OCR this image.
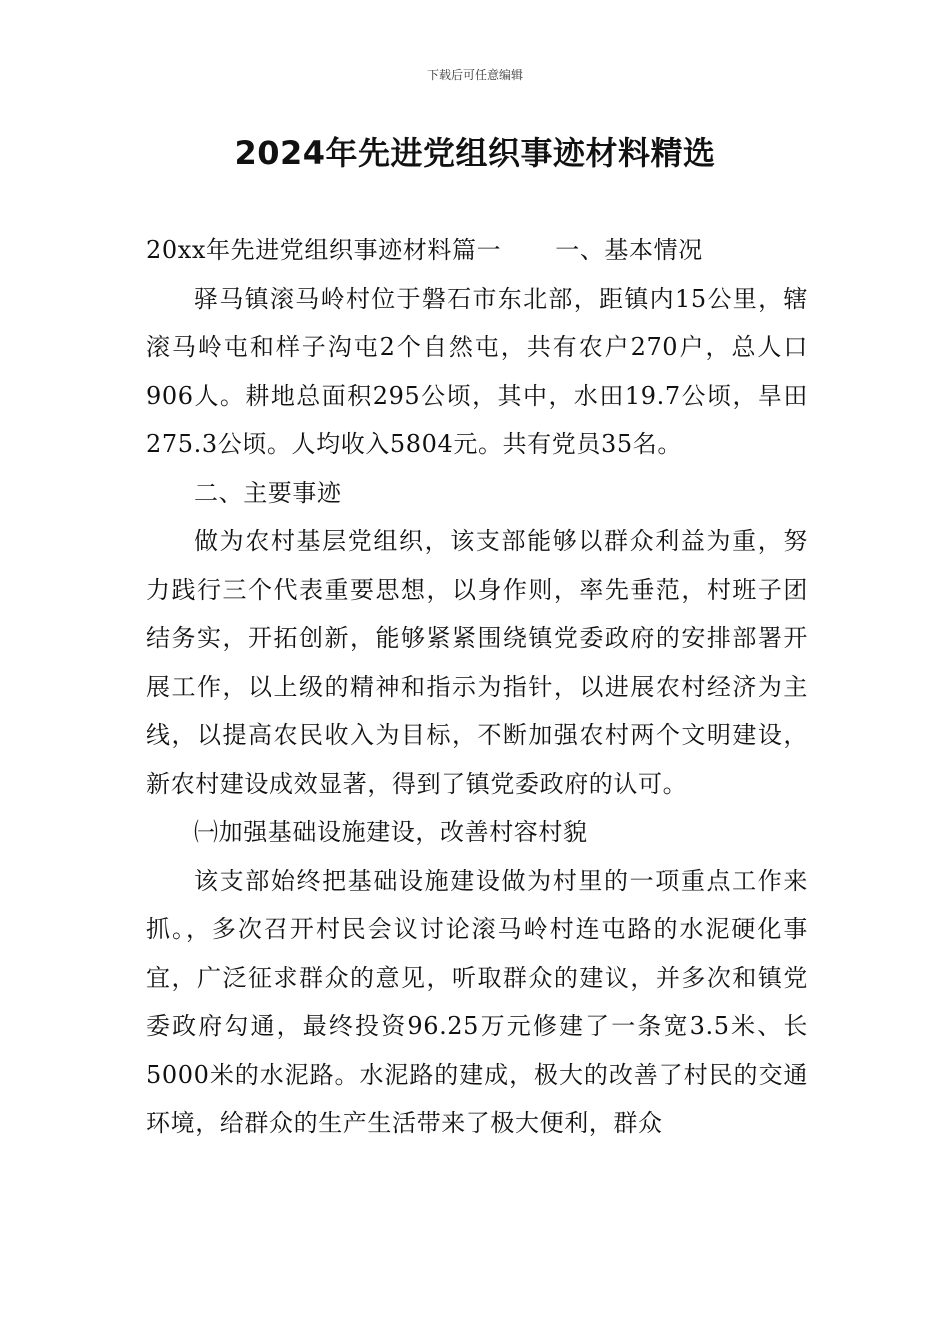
下载后可任意编辑
2024年先进党组织事迹材料精选

20xx年先进党组织事迹材料篇一 一、基本情况

驿马镇滚马岭村位于磐石市东北部，距镇内15公里，辖滚马岭屯和样子沟屯2个自然屯，共有农户270户，总人口906人。耕地总面积295公顷，其中，水田19.7公顷，旱田275.3公顷。人均收入5804元。共有党员35名。

二、主要事迹

做为农村基层党组织，该支部能够以群众利益为重，努力践行三个代表重要思想，以身作则，率先垂范，村班子团结务实，开拓创新，能够紧紧围绕镇党委政府的安排部署开展工作，以上级的精神和指示为指针，以进展农村经济为主线，以提高农民收入为目标，不断加强农村两个文明建设，新农村建设成效显著，得到了镇党委政府的认可。

㈠加强基础设施建设，改善村容村貌

该支部始终把基础设施建设做为村里的一项重点工作来抓。，多次召开村民会议讨论滚马岭村连屯路的水泥硬化事宜，广泛征求群众的意见，听取群众的建议，并多次和镇党委政府勾通，最终投资96.25万元修建了一条宽3.5米、长5000米的水泥路。水泥路的建成，极大的改善了村民的交通环境，给群众的生产生活带来了极大便利，群众
